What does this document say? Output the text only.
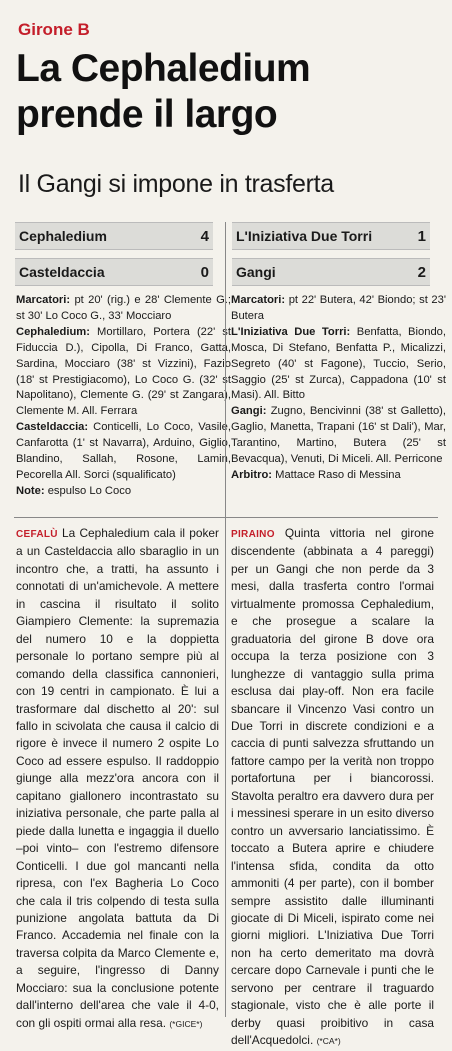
Girone B
La Cephaledium
prende il largo
Il Gangi si impone in trasferta
Cephaledium	4
Casteldaccia	0
L'Iniziativa Due Torri	1
Gangi	2

Marcatori: pt 20' (rig.) e 28' Clemente G.; st 30' Lo Coco G., 33' Mocciaro

Cephaledium: Mortillaro, Portera (22' st Fiduccia D.), Cipolla, Di Franco, Gatta, Sardina, Mocciaro (38' st Vizzini), Fazio (18' st Prestigiacomo), Lo Coco G. (32' st Napolitano), Clemente G. (29' st Zangara), Clemente M. All. Ferrara

Casteldaccia: Conticelli, Lo Coco, Vasile, Canfarotta (1' st Navarra), Arduino, Giglio, Blandino, Sallah, Rosone, Lamin, Pecorella All. Sorci (squalificato)

Note: espulso Lo Coco

Marcatori: pt 22' Butera, 42' Biondo; st 23' Butera

L'Iniziativa Due Torri: Benfatta, Biondo, Mosca, Di Stefano, Benfatta P., Micalizzi, Segreto (40' st Fagone), Tuccio, Serio, Saggio (25' st Zurca), Cappadona (10' st Masi). All. Bitto

Gangi: Zugno, Bencivinni (38' st Galletto), Gaglio, Manetta, Trapani (16' st Dali'), Mar, Tarantino, Martino, Butera (25' st Bevacqua), Venuti, Di Miceli. All. Perricone

Arbitro: Mattace Raso di Messina

CEFALÙ La Cephaledium cala il poker a un Casteldaccia allo sbaraglio in un incontro che, a tratti, ha assunto i connotati di un'amichevole. A mettere in cascina il risultato il solito Giampiero Clemente: la supremazia del numero 10 e la doppietta personale lo portano sempre più al comando della classifica cannonieri, con 19 centri in campionato. È lui a trasformare dal dischetto al 20': sul fallo in scivolata che causa il calcio di rigore è invece il numero 2 ospite Lo Coco ad essere espulso. Il raddoppio giunge alla mezz'ora ancora con il capitano giallonero incontrastato su iniziativa personale, che parte palla al piede dalla lunetta e ingaggia il duello –poi vinto– con l'estremo difensore Conticelli. I due gol mancanti nella ripresa, con l'ex Bagheria Lo Coco che cala il tris colpendo di testa sulla punizione angolata battuta da Di Franco. Accademia nel finale con la traversa colpita da Marco Clemente e, a seguire, l'ingresso di Danny Mocciaro: sua la conclusione potente dall'interno dell'area che vale il 4-0, con gli ospiti ormai alla resa. (*GICE*)

PIRAINO Quinta vittoria nel girone discendente (abbinata a 4 pareggi) per un Gangi che non perde da 3 mesi, dalla trasferta contro l'ormai virtualmente promossa Cephaledium, e che prosegue a scalare la graduatoria del girone B dove ora occupa la terza posizione con 3 lunghezze di vantaggio sulla prima esclusa dai play-off. Non era facile sbancare il Vincenzo Vasi contro un Due Torri in discrete condizioni e a caccia di punti salvezza sfruttando un fattore campo per la verità non troppo portafortuna per i biancorossi. Stavolta peraltro era davvero dura per i messinesi sperare in un esito diverso contro un avversario lanciatissimo. È toccato a Butera aprire e chiudere l'intensa sfida, condita da otto ammoniti (4 per parte), con il bomber sempre assistito dalle illuminanti giocate di Di Miceli, ispirato come nei giorni migliori. L'Iniziativa Due Torri non ha certo demeritato ma dovrà cercare dopo Carnevale i punti che le servono per centrare il traguardo stagionale, visto che è alle porte il derby quasi proibitivo in casa dell'Acquedolci. (*CA*)
